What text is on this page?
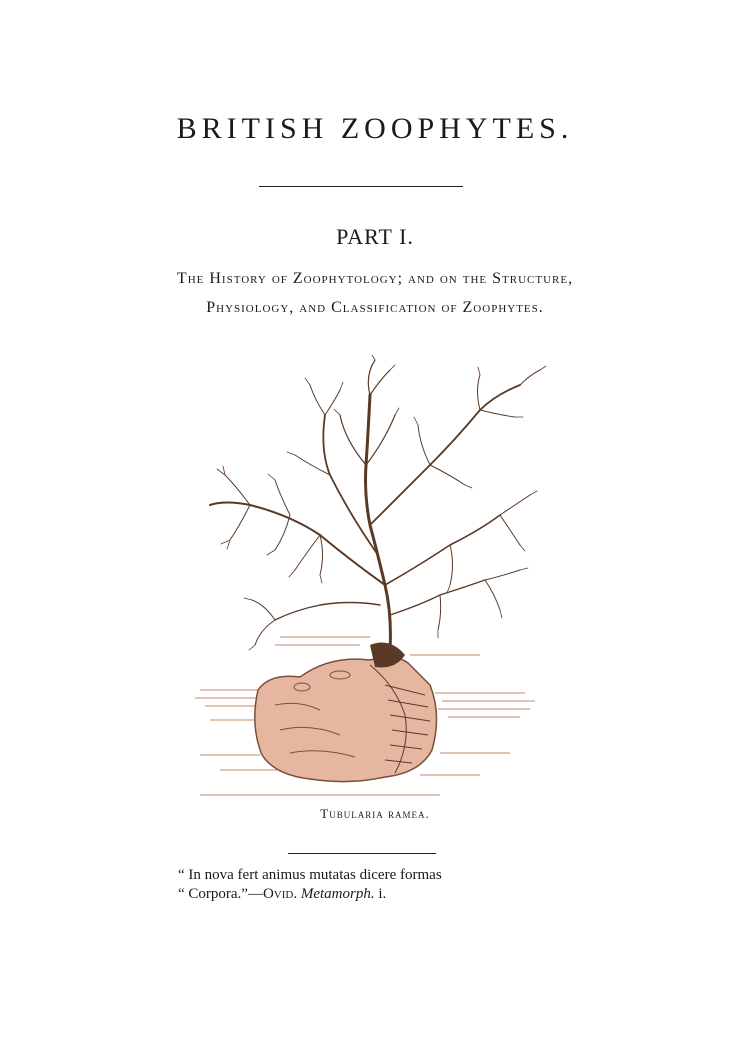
BRITISH ZOOPHYTES.
PART I.
The History of Zoophytology; and on the Structure,
Physiology, and Classification of Zoophytes.
Tubularia ramea.
“ In nova fert animus mutatas dicere formas
“ Corpora.”—Ovid. Metamorph. i.
